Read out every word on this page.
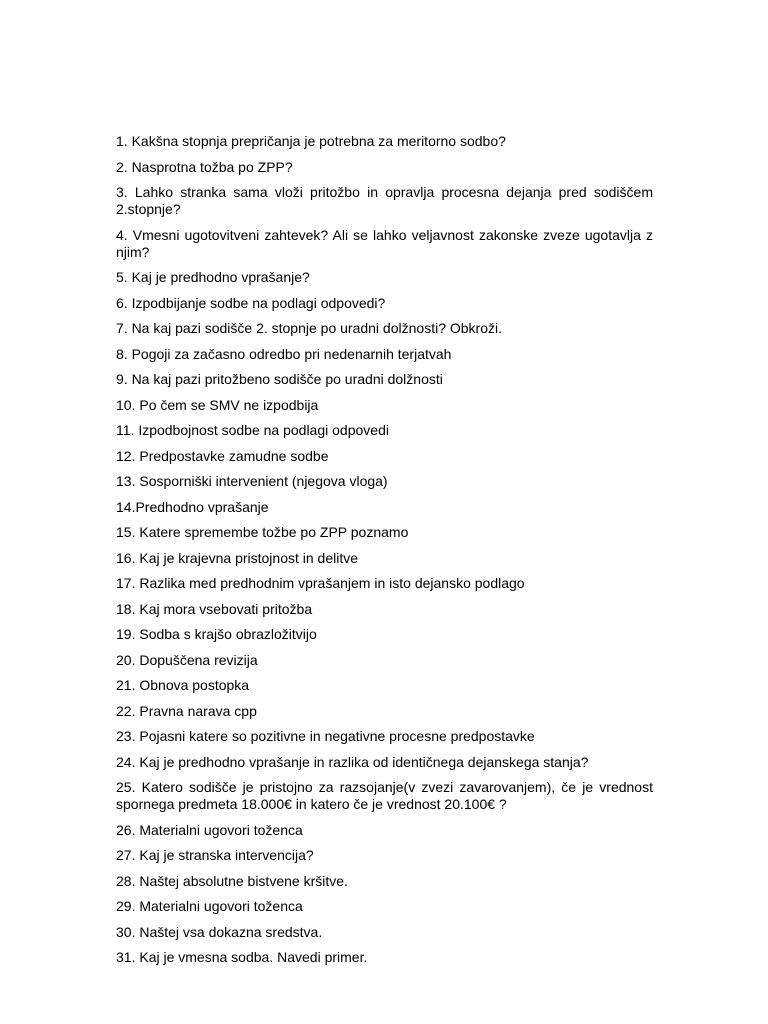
1. Kakšna stopnja prepričanja je potrebna za meritorno sodbo?
2. Nasprotna tožba po ZPP?
3. Lahko stranka sama vloži pritožbo in opravlja procesna dejanja pred sodiščem 2.stopnje?
4. Vmesni ugotovitveni zahtevek? Ali se lahko veljavnost zakonske zveze ugotavlja z njim?
5. Kaj je predhodno vprašanje?
6. Izpodbijanje sodbe na podlagi odpovedi?
7. Na kaj pazi sodišče 2. stopnje po uradni dolžnosti? Obkroži.
8. Pogoji za začasno odredbo pri nedenarnih terjatvah
9. Na kaj pazi pritožbeno sodišče po uradni dolžnosti
10. Po čem se SMV ne izpodbija
11. Izpodbojnost sodbe na podlagi odpovedi
12. Predpostavke zamudne sodbe
13. Sosporniški intervenient (njegova vloga)
14.Predhodno vprašanje
15. Katere spremembe tožbe po ZPP poznamo
16. Kaj je krajevna pristojnost in delitve
17. Razlika med predhodnim vprašanjem in isto dejansko podlago
18. Kaj mora vsebovati pritožba
19. Sodba s krajšo obrazložitvijo
20. Dopuščena revizija
21. Obnova postopka
22. Pravna narava cpp
23. Pojasni katere so pozitivne in negativne procesne predpostavke
24. Kaj je predhodno vprašanje in razlika od identičnega dejanskega stanja?
25. Katero sodišče je pristojno za razsojanje(v zvezi zavarovanjem), če je vrednost spornega predmeta 18.000€ in katero če je vrednost 20.100€ ?
26. Materialni ugovori toženca
27. Kaj je stranska intervencija?
28. Naštej absolutne bistvene kršitve.
29. Materialni ugovori toženca
30. Naštej vsa dokazna sredstva.
31. Kaj je vmesna sodba. Navedi primer.
